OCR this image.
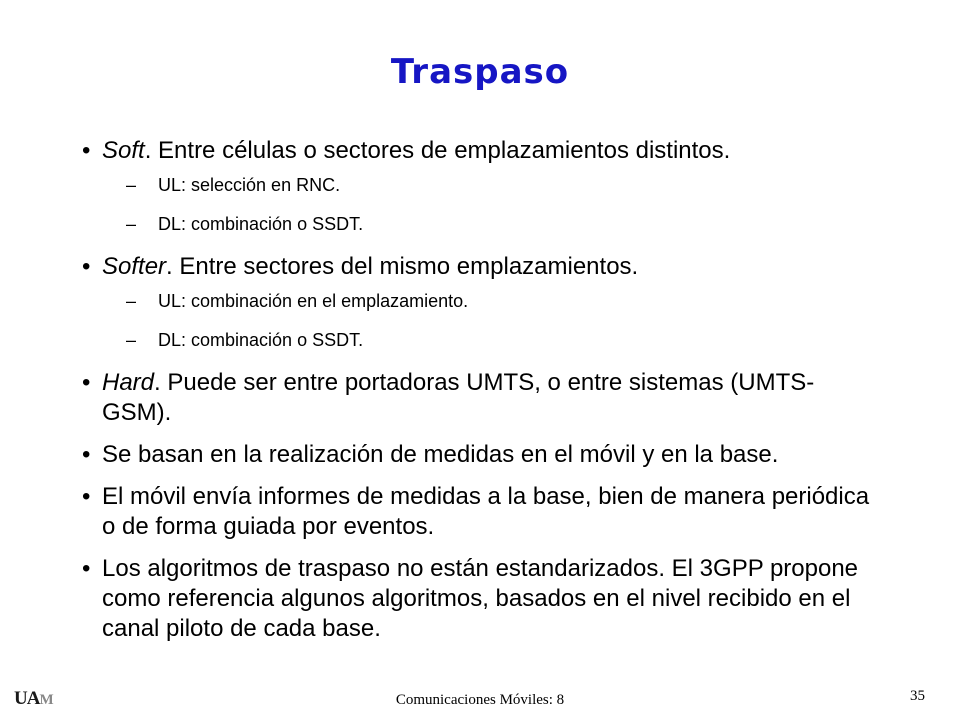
Traspaso
• Soft. Entre células o sectores de emplazamientos distintos.
– UL: selección en RNC.
– DL: combinación o SSDT.
• Softer. Entre sectores del mismo emplazamientos.
– UL: combinación en el emplazamiento.
– DL: combinación o SSDT.
• Hard. Puede ser entre portadoras UMTS, o entre sistemas (UMTS-GSM).
• Se basan en la realización de medidas en el móvil y en la base.
• El móvil envía informes de medidas a la base, bien de manera periódica o de forma guiada por eventos.
• Los algoritmos de traspaso no están estandarizados. El 3GPP propone como referencia algunos algoritmos, basados en el nivel recibido en el canal piloto de cada base.
UAM	Comunicaciones Móviles: 8	35
